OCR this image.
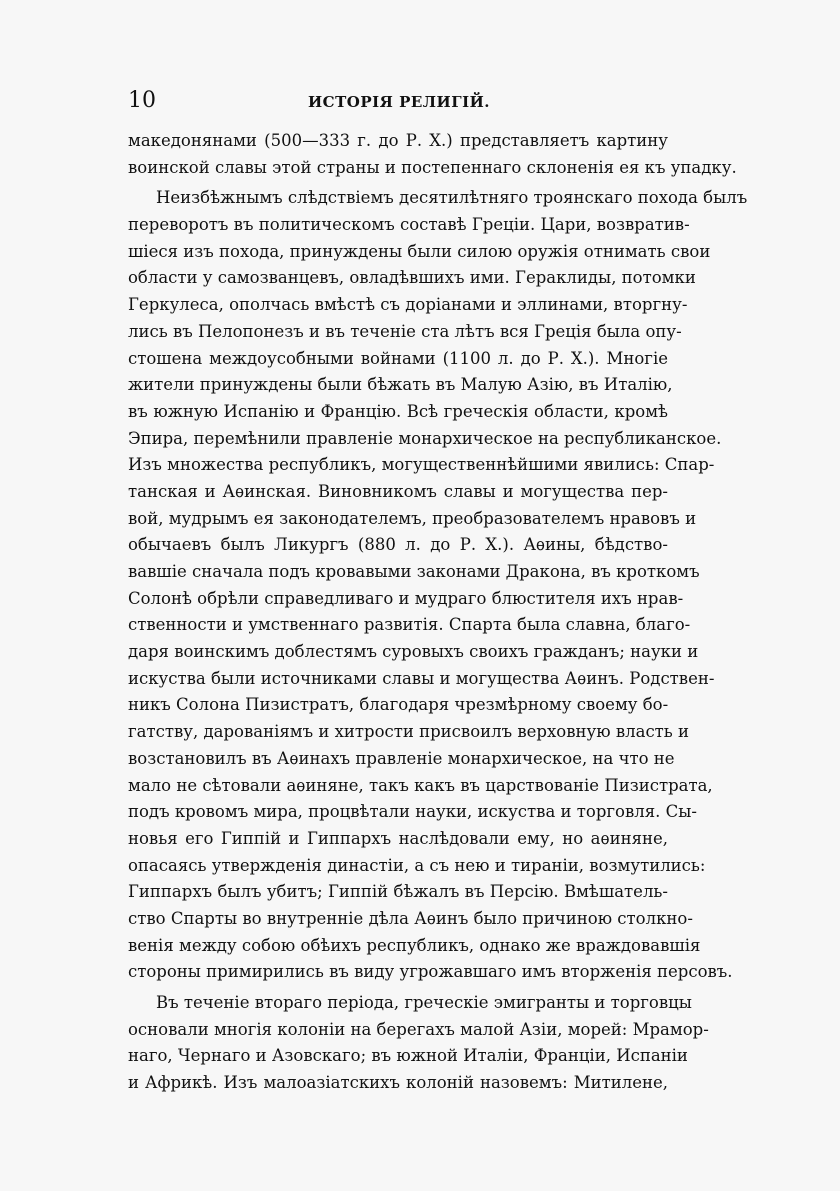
10	ИСТОРІЯ РЕЛИГІЙ.
македонянами (500—333 г. до Р. Х.) представляетъ картину
воинской славы этой страны и постепеннаго склоненія ея къ упадку.
Неизбѣжнымъ слѣдствіемъ десятилѣтняго троянскаго похода былъ
переворотъ въ политическомъ составѣ Греціи. Цари, возвратив-
шіеся изъ похода, принуждены были силою оружія отнимать свои
области у самозванцевъ, овладѣвшихъ ими. Гераклиды, потомки
Геркулеса, ополчась вмѣстѣ съ доріанами и эллинами, вторгну-
лись въ Пелопонезъ и въ теченіе ста лѣтъ вся Греція была опу-
стошена междоусобными войнами (1100 л. до Р. Х.). Многіе
жители принуждены были бѣжать въ Малую Азію, въ Италію,
въ южную Испанію и Францію. Всѣ греческія области, кромѣ
Эпира, перемѣнили правленіе монархическое на республиканское.
Изъ множества республикъ, могущественнѣйшими явились: Спар-
танская и Аѳинская. Виновникомъ славы и могущества пер-
вой, мудрымъ ея законодателемъ, преобразователемъ нравовъ и
обычаевъ былъ Ликургъ (880 л. до Р. Х.). Аѳины, бѣдство-
вавшіе сначала подъ кровавыми законами Дракона, въ кроткомъ
Солонѣ обрѣли справедливаго и мудраго блюстителя ихъ нрав-
ственности и умственнаго развитія. Спарта была славна, благо-
даря воинскимъ доблестямъ суровыхъ своихъ гражданъ; науки и
искуства были источниками славы и могущества Аѳинъ. Родствен-
никъ Солона Пизистратъ, благодаря чрезмѣрному своему бо-
гатству, дарованіямъ и хитрости присвоилъ верховную власть и
возстановилъ въ Аѳинахъ правленіе монархическое, на что не
мало не сѣтовали аѳиняне, такъ какъ въ царствованіе Пизистрата,
подъ кровомъ мира, процвѣтали науки, искуства и торговля. Сы-
новья его Гиппій и Гиппархъ наслѣдовали ему, но аѳиняне,
опасаясь утвержденія династіи, а съ нею и тираніи, возмутились:
Гиппархъ былъ убитъ; Гиппій бѣжалъ въ Персію. Вмѣшатель-
ство Спарты во внутренніе дѣла Аѳинъ было причиною столкно-
венія между собою обѣихъ республикъ, однако же враждовавшія
стороны примирились въ виду угрожавшаго имъ вторженія персовъ.
Въ теченіе втораго періода, греческіе эмигранты и торговцы
основали многія колоніи на берегахъ малой Азіи, морей: Мрамор-
наго, Чернаго и Азовскаго; въ южной Италіи, Франціи, Испаніи
и Африкѣ. Изъ малоазіатскихъ колоній назовемъ: Митилене,
